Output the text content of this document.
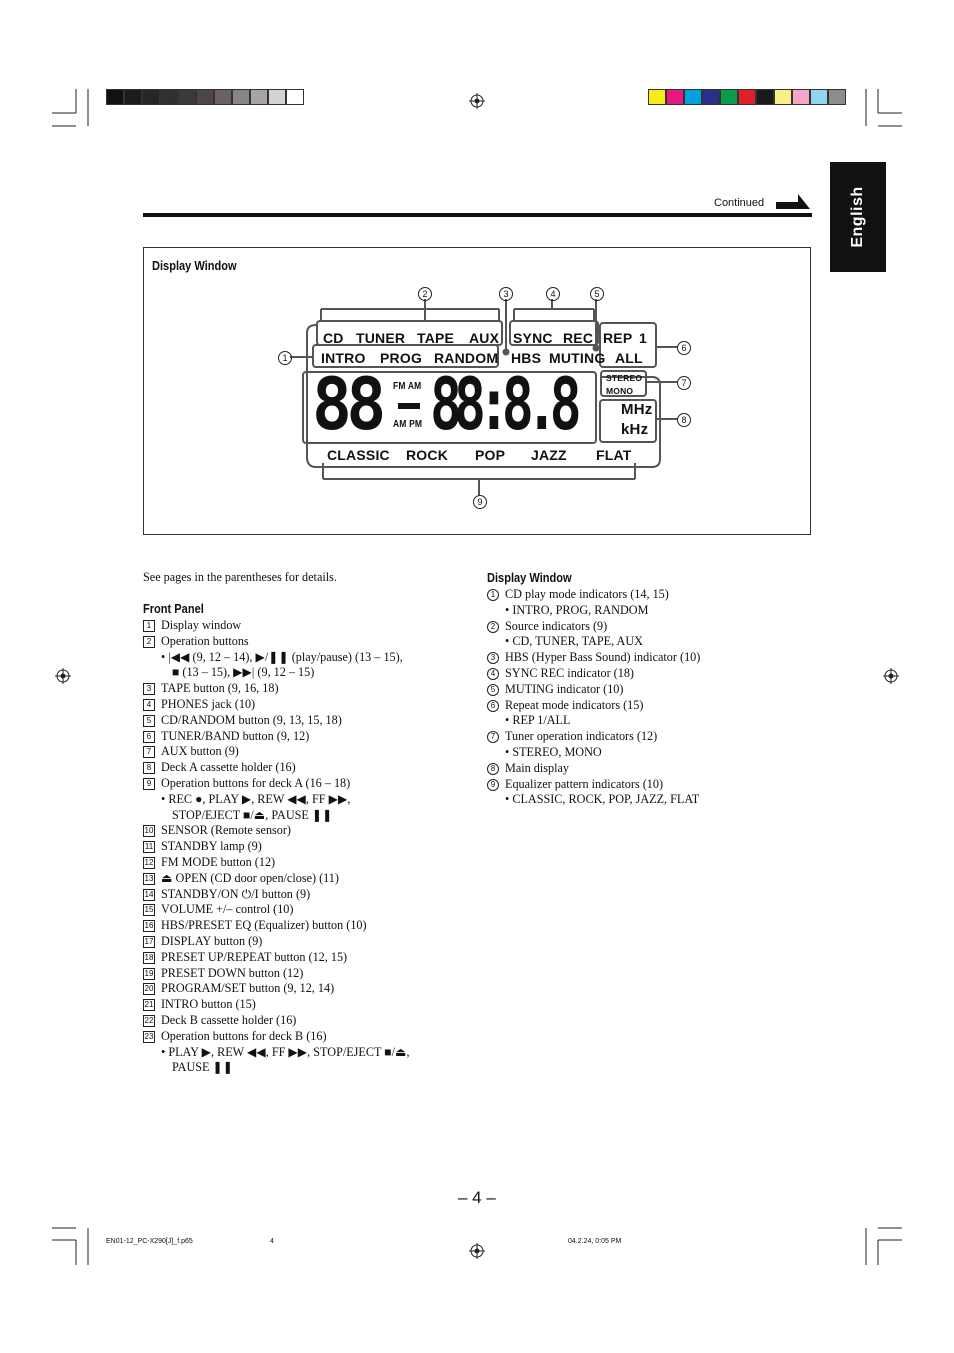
English
Continued
Display Window
1
2	3	4	5
6
7
8
9
CD TUNER TAPE AUX SYNC REC REP 1
INTRO PROG RANDOM HBS MUTING ALL
STEREO
MONO
FM AM
AM PM
88 88:8.8	MHz
kHz
CLASSIC ROCK POP JAZZ FLAT
See pages in the parentheses for details.
Front Panel
1 Display window
2 Operation buttons
• |◀◀ (9, 12 – 14), ▶/❚❚ (play/pause) (13 – 15),
■ (13 – 15), ▶▶| (9, 12 – 15)
3 TAPE button (9, 16, 18)
4 PHONES jack (10)
5 CD/RANDOM button (9, 13, 15, 18)
6 TUNER/BAND button (9, 12)
7 AUX button (9)
8 Deck A cassette holder (16)
9 Operation buttons for deck A (16 – 18)
• REC ●, PLAY ▶, REW ◀◀, FF ▶▶,
STOP/EJECT ■/⏏, PAUSE ❚❚
10 SENSOR (Remote sensor)
11 STANDBY lamp (9)
12 FM MODE button (12)
13 ⏏ OPEN (CD door open/close) (11)
14 STANDBY/ON ⏻/I button (9)
15 VOLUME +/– control (10)
16 HBS/PRESET EQ (Equalizer) button (10)
17 DISPLAY button (9)
18 PRESET UP/REPEAT button (12, 15)
19 PRESET DOWN button (12)
20 PROGRAM/SET button (9, 12, 14)
21 INTRO button (15)
22 Deck B cassette holder (16)
23 Operation buttons for deck B (16)
• PLAY ▶, REW ◀◀, FF ▶▶, STOP/EJECT ■/⏏,
PAUSE ❚❚
Display Window
1 CD play mode indicators (14, 15)
• INTRO, PROG, RANDOM
2 Source indicators (9)
• CD, TUNER, TAPE, AUX
3 HBS (Hyper Bass Sound) indicator (10)
4 SYNC REC indicator (18)
5 MUTING indicator (10)
6 Repeat mode indicators (15)
• REP 1/ALL
7 Tuner operation indicators (12)
• STEREO, MONO
8 Main display
9 Equalizer pattern indicators (10)
• CLASSIC, ROCK, POP, JAZZ, FLAT
– 4 –
EN01-12_PC-X290[J]_f.p65	4	04.2.24, 0:05 PM
